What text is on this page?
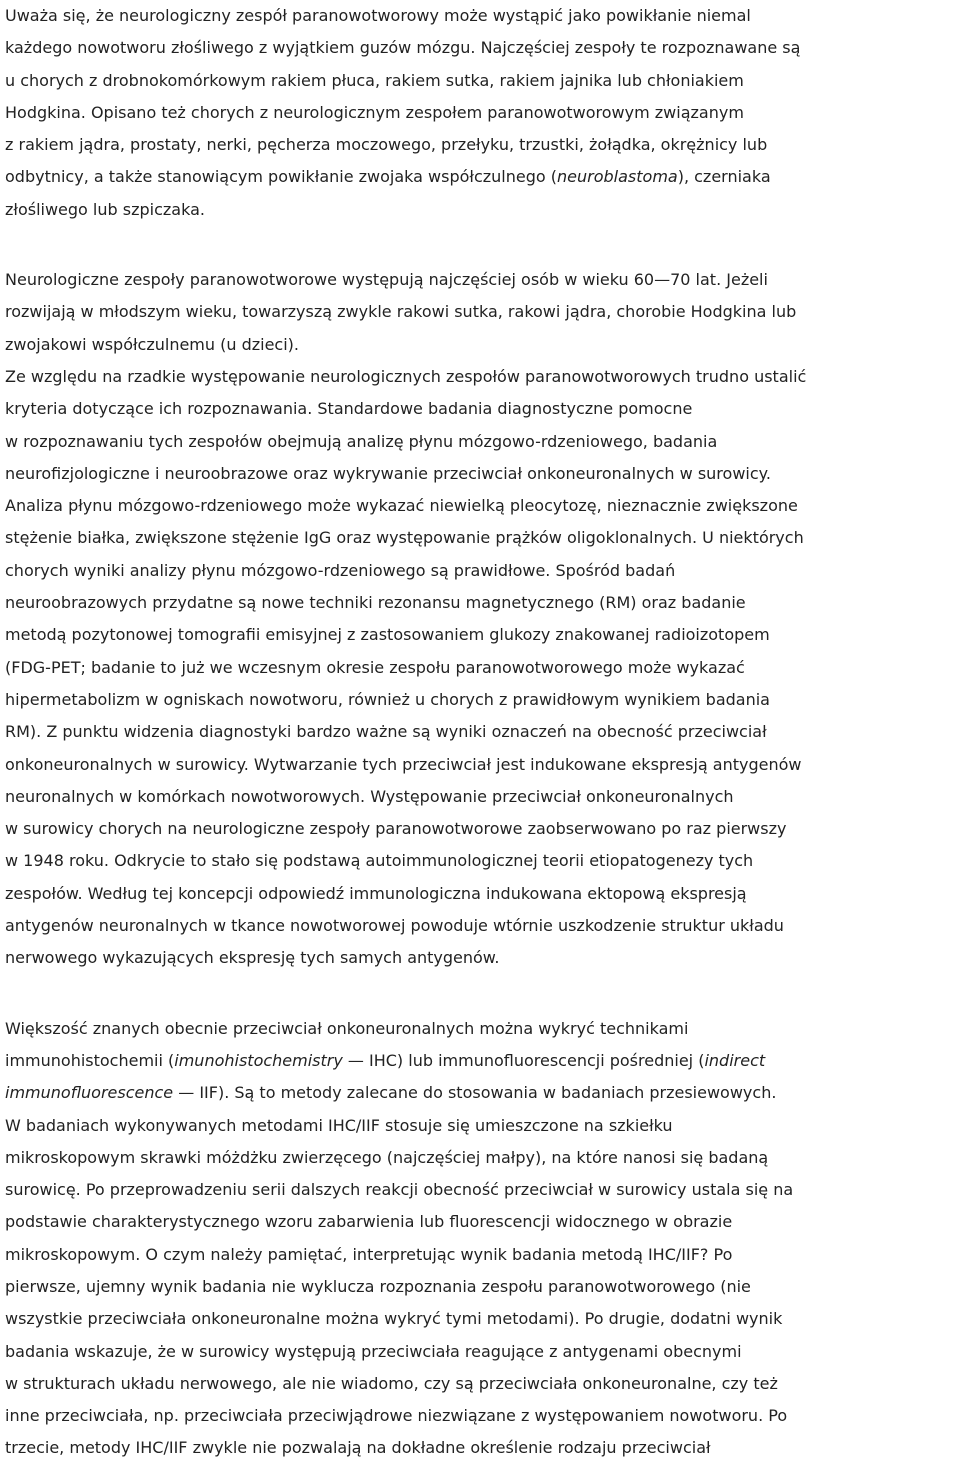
Uważa się, że neurologiczny zespół paranowotworowy może wystąpić jako powikłanie niemal
każdego nowotworu złośliwego z wyjątkiem guzów mózgu. Najczęściej zespoły te rozpoznawane są
u chorych z drobnokomórkowym rakiem płuca, rakiem sutka, rakiem jajnika lub chłoniakiem
Hodgkina. Opisano też chorych z neurologicznym zespołem paranowotworowym związanym
z rakiem jądra, prostaty, nerki, pęcherza moczowego, przełyku, trzustki, żołądka, okrężnicy lub
odbytnicy, a także stanowiącym powikłanie zwojaka współczulnego (neuroblastoma), czerniaka
złośliwego lub szpiczaka.
Neurologiczne zespoły paranowotworowe występują najczęściej osób w wieku 60—70 lat. Jeżeli
rozwijają w młodszym wieku, towarzyszą zwykle rakowi sutka, rakowi jądra, chorobie Hodgkina lub
zwojakowi współczulnemu (u dzieci).
Ze względu na rzadkie występowanie neurologicznych zespołów paranowotworowych trudno ustalić
kryteria dotyczące ich rozpoznawania. Standardowe badania diagnostyczne pomocne
w rozpoznawaniu tych zespołów obejmują analizę płynu mózgowo-rdzeniowego, badania
neurofizjologiczne i neuroobrazowe oraz wykrywanie przeciwciał onkoneuronalnych w surowicy.
Analiza płynu mózgowo-rdzeniowego może wykazać niewielką pleocytozę, nieznacznie zwiększone
stężenie białka, zwiększone stężenie IgG oraz występowanie prążków oligoklonalnych. U niektórych
chorych wyniki analizy płynu mózgowo-rdzeniowego są prawidłowe. Spośród badań
neuroobrazowych przydatne są nowe techniki rezonansu magnetycznego (RM) oraz badanie
metodą pozytonowej tomografii emisyjnej z zastosowaniem glukozy znakowanej radioizotopem
(FDG-PET; badanie to już we wczesnym okresie zespołu paranowotworowego może wykazać
hipermetabolizm w ogniskach nowotworu, również u chorych z prawidłowym wynikiem badania
RM). Z punktu widzenia diagnostyki bardzo ważne są wyniki oznaczeń na obecność przeciwciał
onkoneuronalnych w surowicy. Wytwarzanie tych przeciwciał jest indukowane ekspresją antygenów
neuronalnych w komórkach nowotworowych. Występowanie przeciwciał onkoneuronalnych
w surowicy chorych na neurologiczne zespoły paranowotworowe zaobserwowano po raz pierwszy
w 1948 roku. Odkrycie to stało się podstawą autoimmunologicznej teorii etiopatogenezy tych
zespołów. Według tej koncepcji odpowiedź immunologiczna indukowana ektopową ekspresją
antygenów neuronalnych w tkance nowotworowej powoduje wtórnie uszkodzenie struktur układu
nerwowego wykazujących ekspresję tych samych antygenów.
Większość znanych obecnie przeciwciał onkoneuronalnych można wykryć technikami
immunohistochemii (imunohistochemistry — IHC) lub immunofluorescencji pośredniej (indirect
immunofluorescence — IIF). Są to metody zalecane do stosowania w badaniach przesiewowych.
W badaniach wykonywanych metodami IHC/IIF stosuje się umieszczone na szkiełku
mikroskopowym skrawki móżdżku zwierzęcego (najczęściej małpy), na które nanosi się badaną
surowicę. Po przeprowadzeniu serii dalszych reakcji obecność przeciwciał w surowicy ustala się na
podstawie charakterystycznego wzoru zabarwienia lub fluorescencji widocznego w obrazie
mikroskopowym. O czym należy pamiętać, interpretując wynik badania metodą IHC/IIF? Po
pierwsze, ujemny wynik badania nie wyklucza rozpoznania zespołu paranowotworowego (nie
wszystkie przeciwciała onkoneuronalne można wykryć tymi metodami). Po drugie, dodatni wynik
badania wskazuje, że w surowicy występują przeciwciała reagujące z antygenami obecnymi
w strukturach układu nerwowego, ale nie wiadomo, czy są przeciwciała onkoneuronalne, czy też
inne przeciwciała, np. przeciwciała przeciwjądrowe niezwiązane z występowaniem nowotworu. Po
trzecie, metody IHC/IIF zwykle nie pozwalają na dokładne określenie rodzaju przeciwciał
